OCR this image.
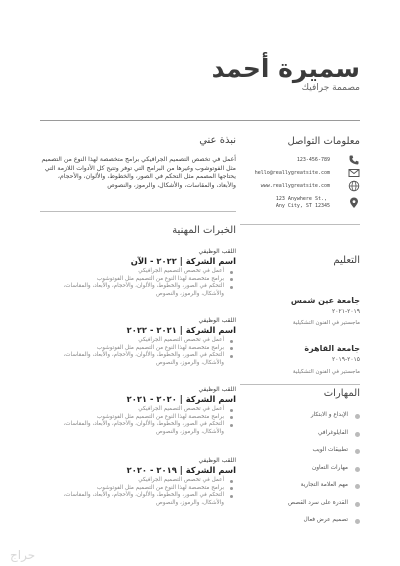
سميرة أحمد
مصممة جرافيك
معلومات التواصل
123-456-789
hello@reallygreatsite.com
www.reallygreatsite.com
123 Anywhere St.,
Any City, ST 12345
التعليم
جامعة عين شمس
٢٠١٩-٢٠٢١
ماجستير في الفنون التشكيلية
جامعة القاهرة
٢٠١٥-٢٠١٩
ماجستير في الفنون التشكيلية
المهارات
الإبداع و الابتكار
الفايلوغرافي
تطبيقات الويب
مهارات التعاون
مهم العلامة التجارية
القدرة على سرد القصص
تصميم عرض فعال
نبذة عني
أعمل في تخصص التصميم الجرافيكي برامج متخصصة لهذا النوع من التصميم مثل الفوتوشوب وغيرها من البرامج التي توفر وتتيح كل الأدوات اللازمة التي يحتاجها المصمم مثل التحكم في الصور، والخطوط، والألوان، والأحجام، والأبعاد، والمقاسات، والأشكال، والرموز، والنصوص
الخبرات المهنية
اللقب الوظيفي
اسم الشركة | ٢٠٢٢ - الآن
أعمل في تخصص التصميم الجرافيكي
برامج متخصصة لهذا النوع من التصميم مثل الفوتوشوب
التحكم في الصور، والخطوط، والألوان، والأحجام، والأبعاد، والمقاسات، والأشكال، والرموز، والنصوص
اللقب الوظيفي
اسم الشركة | ٢٠٢١ - ٢٠٢٢
أعمل في تخصص التصميم الجرافيكي
برامج متخصصة لهذا النوع من التصميم مثل الفوتوشوب
التحكم في الصور، والخطوط، والألوان، والأحجام، والأبعاد، والمقاسات، والأشكال، والرموز، والنصوص
اللقب الوظيفي
اسم الشركة | ٢٠٢٠ - ٢٠٢١
أعمل في تخصص التصميم الجرافيكي
برامج متخصصة لهذا النوع من التصميم مثل الفوتوشوب
التحكم في الصور، والخطوط، والألوان، والأحجام، والأبعاد، والمقاسات، والأشكال، والرموز، والنصوص
اللقب الوظيفي
اسم الشركة | ٢٠١٩ - ٢٠٢٠
أعمل في تخصص التصميم الجرافيكي
برامج متخصصة لهذا النوع من التصميم مثل الفوتوشوب
التحكم في الصور، والخطوط، والألوان، والأحجام، والأبعاد، والمقاسات، والأشكال، والرموز، والنصوص
حراج
